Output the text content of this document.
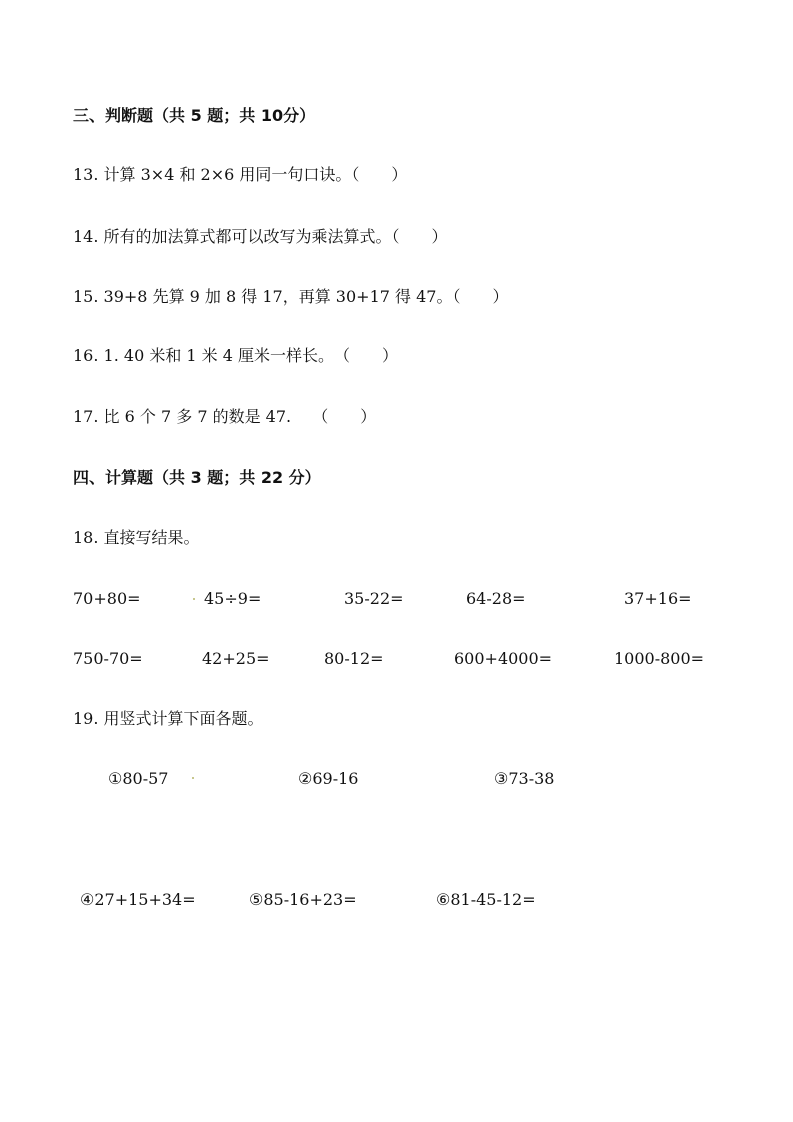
三、判断题（共 5 题；共 10分）
13. 计算 3×4 和 2×6 用同一句口诀。（　　）
14. 所有的加法算式都可以改写为乘法算式。（　　）
15. 39+8 先算 9 加 8 得 17，再算 30+17 得 47。（　　）
16. 1. 40 米和 1 米 4 厘米一样长。　（　　）
17. 比 6 个 7 多 7 的数是 47.　 （　　）
四、计算题（共 3 题；共 22 分）
18. 直接写结果。
70+80=	45÷9=	35-22=	64-28=	37+16=
750-70=	42+25=	80-12=	600+4000=	1000-800=
19. 用竖式计算下面各题。
①80-57	②69-16	③73-38
④27+15+34=	⑤85-16+23=	⑥81-45-12=
